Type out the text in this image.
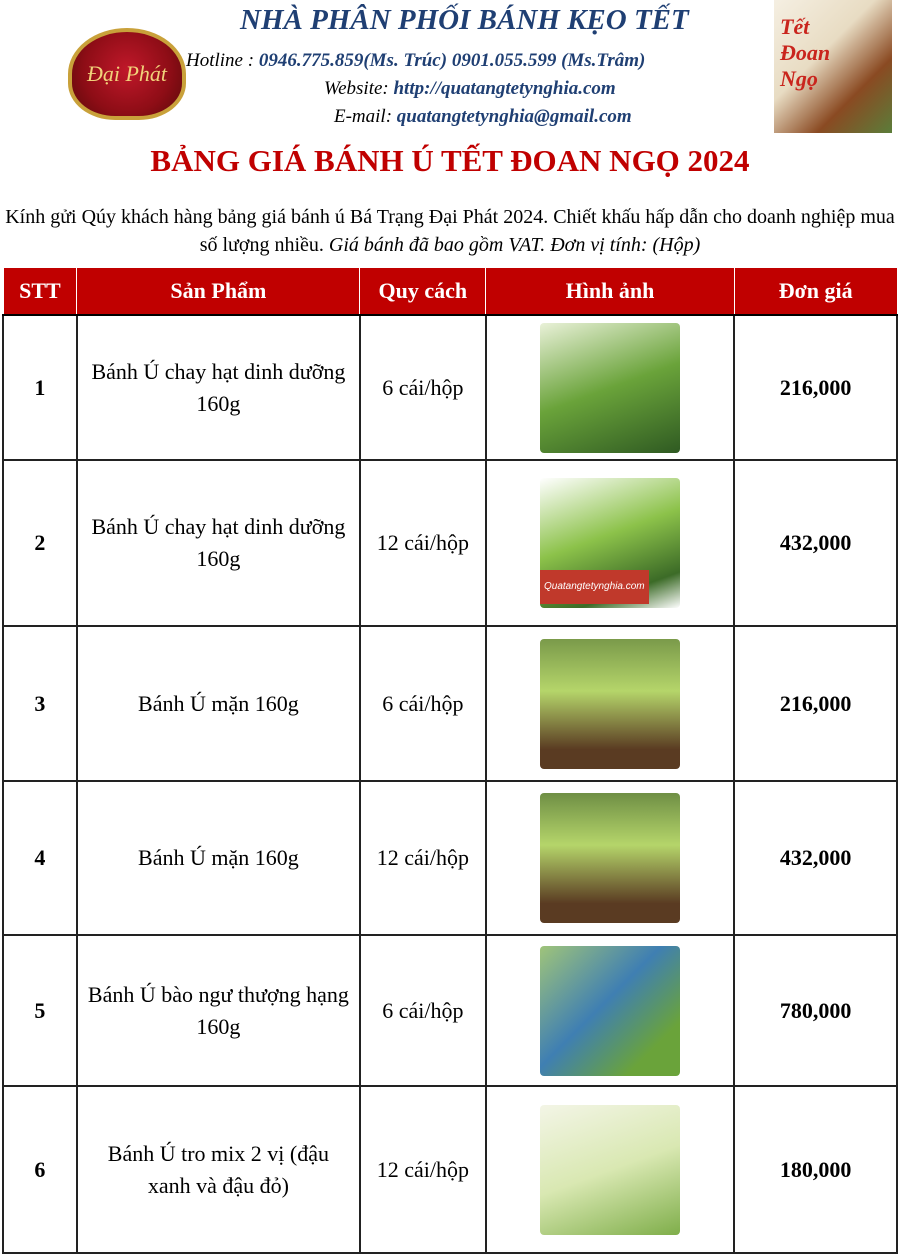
Đại Phát
Tết Đoan Ngọ
NHÀ PHÂN PHỐI BÁNH KẸO TẾT
Hotline : 0946.775.859(Ms. Trúc) 0901.055.599 (Ms.Trâm)
Website: http://quatangtetynghia.com
E-mail: quatangtetynghia@gmail.com
BẢNG GIÁ BÁNH Ú TẾT ĐOAN NGỌ 2024
Kính gửi Qúy khách hàng bảng giá bánh ú Bá Trạng Đại Phát 2024. Chiết khấu hấp dẫn cho doanh nghiệp mua số lượng nhiều. Giá bánh đã bao gồm VAT. Đơn vị tính: (Hộp)
STT	Sản Phẩm	Quy cách	Hình ảnh	Đơn giá
1	Bánh Ú chay hạt dinh dưỡng 160g	6 cái/hộp		216,000
2	Bánh Ú chay hạt dinh dưỡng 160g	12 cái/hộp	Quatangtetynghia.com	432,000
3	Bánh Ú mặn 160g	6 cái/hộp		216,000
4	Bánh Ú mặn 160g	12 cái/hộp		432,000
5	Bánh Ú bào ngư thượng hạng 160g	6 cái/hộp		780,000
6	Bánh Ú tro mix 2 vị (đậu xanh và đậu đỏ)	12 cái/hộp		180,000
